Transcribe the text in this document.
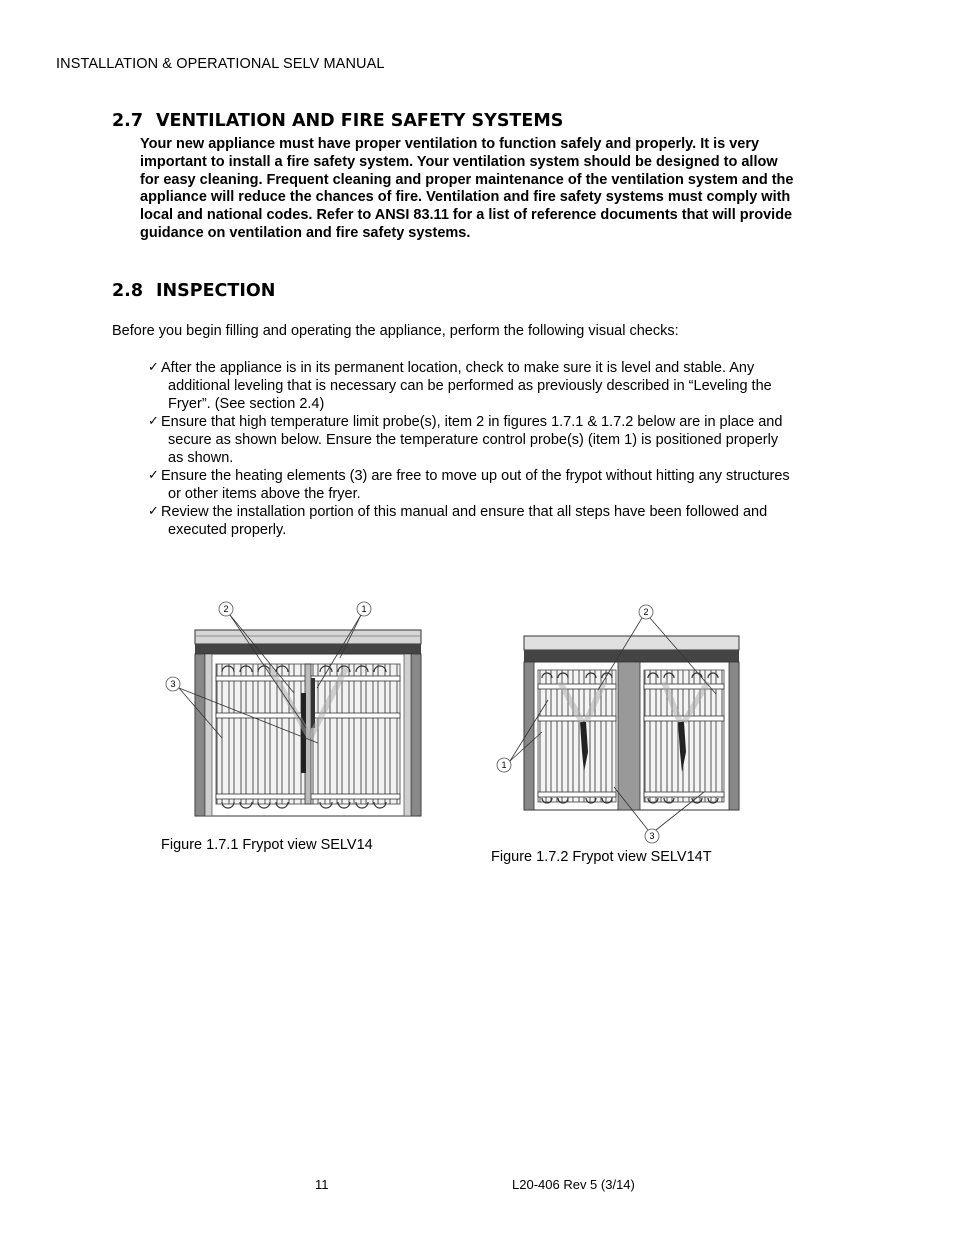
INSTALLATION & OPERATIONAL SELV MANUAL
2.7 VENTILATION AND FIRE SAFETY SYSTEMS
Your new appliance must have proper ventilation to function safely and properly. It is very
important to install a fire safety system. Your ventilation system should be designed to allow
for easy cleaning. Frequent cleaning and proper maintenance of the ventilation system and the
appliance will reduce the chances of fire. Ventilation and fire safety systems must comply with
local and national codes. Refer to ANSI 83.11 for a list of reference documents that will provide
guidance on ventilation and fire safety systems.
2.8 INSPECTION
Before you begin filling and operating the appliance, perform the following visual checks:
✓ After the appliance is in its permanent location, check to make sure it is level and stable. Any
additional leveling that is necessary can be performed as previously described in “Leveling the
Fryer”. (See section 2.4)
✓ Ensure that high temperature limit probe(s), item 2 in figures 1.7.1 & 1.7.2 below are in place and
secure as shown below. Ensure the temperature control probe(s) (item 1) is positioned properly
as shown.
✓ Ensure the heating elements (3) are free to move up out of the frypot without hitting any structures
or other items above the fryer.
✓ Review the installation portion of this manual and ensure that all steps have been followed and
executed properly.
2	1
3
Figure 1.7.1 Frypot view SELV14
2
1
3
Figure 1.7.2 Frypot view SELV14T
11	L20-406 Rev 5 (3/14)
